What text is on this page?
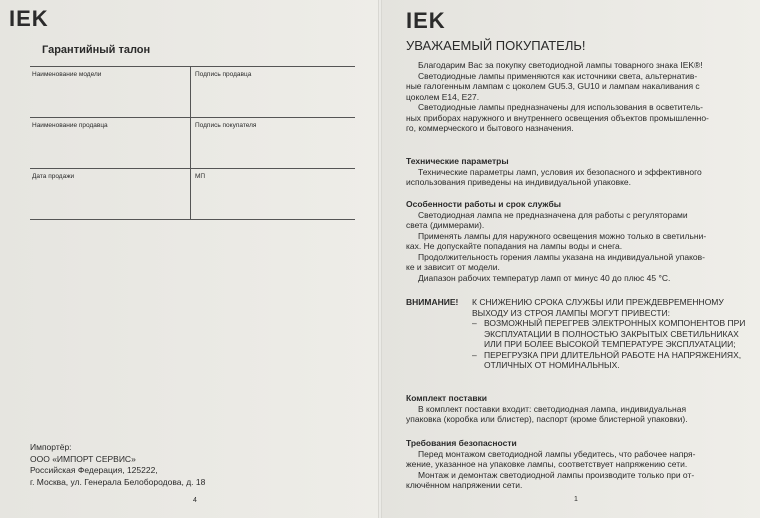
IEK
Гарантийный талон
Наименование модели	Подпись продавца
Наименование продавца	Подпись покупателя
Дата продажи	МП
Импортёр:
ООО «ИМПОРТ СЕРВИС»
Российская Федерация, 125222,
г. Москва, ул. Генерала Белобородова, д. 18
4
IEK
УВАЖАЕМЫЙ ПОКУПАТЕЛЬ!
Благодарим Вас за покупку светодиодной лампы товарного знака IEK®!
Светодиодные лампы применяются как источники света, альтернатив-
ные галогенным лампам с цоколем GU5.3, GU10 и лампам накаливания с
цоколем E14, E27.
Светодиодные лампы предназначены для использования в осветитель-
ных приборах наружного и внутреннего освещения объектов промышленно-
го, коммерческого и бытового назначения.
Технические параметры
Технические параметры ламп, условия их безопасного и эффективного
использования приведены на индивидуальной упаковке.
Особенности работы и срок службы
Светодиодная лампа не предназначена для работы с регуляторами
света (диммерами).
Применять лампы для наружного освещения можно только в светильни-
ках. Не допускайте попадания на лампы воды и снега.
Продолжительность горения лампы указана на индивидуальной упаков-
ке и зависит от модели.
Диапазон рабочих температур ламп от минус 40 до плюс 45 °С.
ВНИМАНИЕ! К СНИЖЕНИЮ СРОКА СЛУЖБЫ ИЛИ ПРЕЖДЕВРЕМЕННОМУ ВЫХОДУ ИЗ СТРОЯ ЛАМПЫ МОГУТ ПРИВЕСТИ:
– ВОЗМОЖНЫЙ ПЕРЕГРЕВ ЭЛЕКТРОННЫХ КОМПОНЕНТОВ ПРИ ЭКСПЛУАТАЦИИ В ПОЛНОСТЬЮ ЗАКРЫТЫХ СВЕТИЛЬНИКАХ ИЛИ ПРИ БОЛЕЕ ВЫСОКОЙ ТЕМПЕРАТУРЕ ЭКСПЛУАТАЦИИ;
– ПЕРЕГРУЗКА ПРИ ДЛИТЕЛЬНОЙ РАБОТЕ НА НАПРЯЖЕНИЯХ, ОТЛИЧНЫХ ОТ НОМИНАЛЬНЫХ.
Комплект поставки
В комплект поставки входит: светодиодная лампа, индивидуальная
упаковка (коробка или блистер), паспорт (кроме блистерной упаковки).
Требования безопасности
Перед монтажом светодиодной лампы убедитесь, что рабочее напря-
жение, указанное на упаковке лампы, соответствует напряжению сети.
Монтаж и демонтаж светодиодной лампы производите только при от-
ключённом напряжении сети.
1
